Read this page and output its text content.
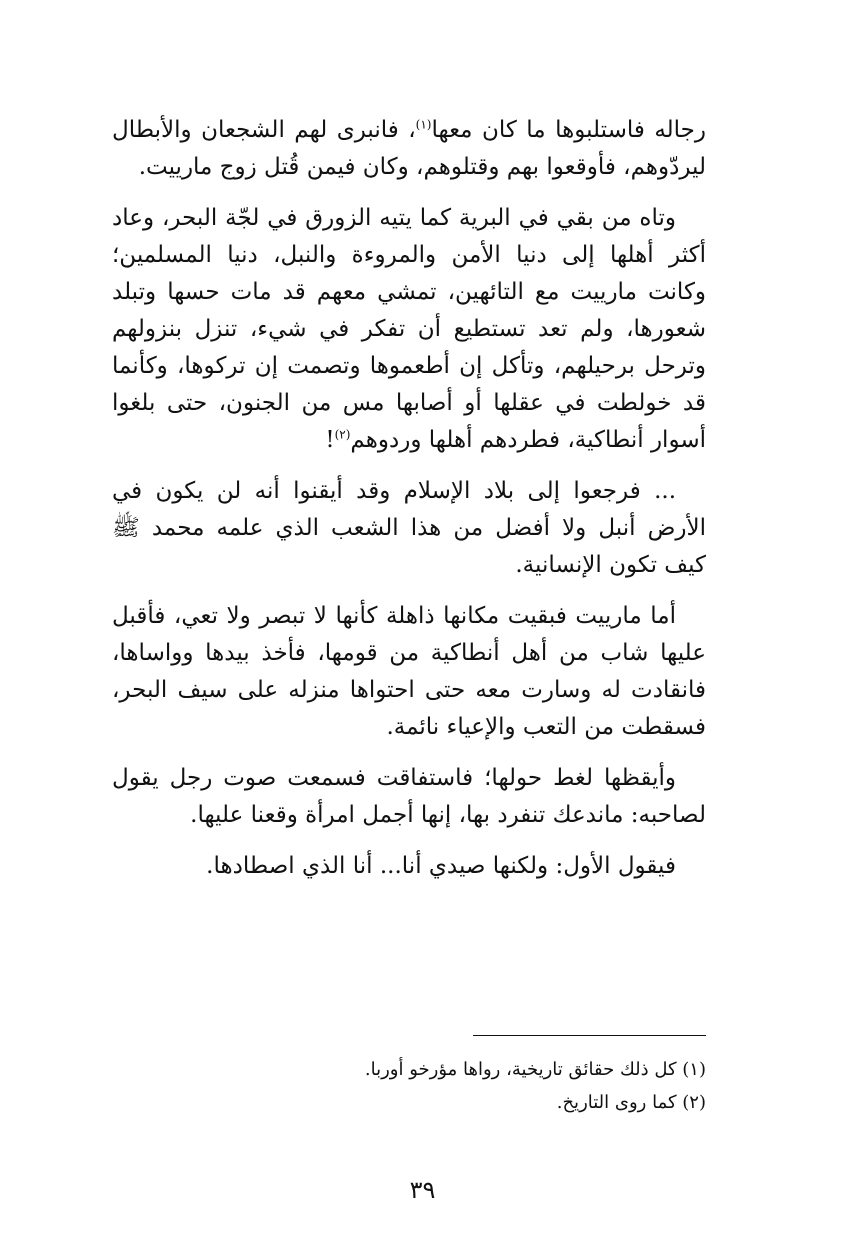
رجاله فاستلبوها ما كان معها$^{(١)}$، فانبرى لهم الشجعان والأبطال ليردّوهم، فأوقعوا بهم وقتلوهم، وكان فيمن قُتل زوج مارييت.

وتاه من بقي في البرية كما يتيه الزورق في لجّة البحر، وعاد أكثر أهلها إلى دنيا الأمن والمروءة والنبل، دنيا المسلمين؛ وكانت مارييت مع التائهين، تمشي معهم قد مات حسها وتبلد شعورها، ولم تعد تستطيع أن تفكر في شيء، تنزل بنزولهم وترحل برحيلهم، وتأكل إن أطعموها وتصمت إن تركوها، وكأنما قد خولطت في عقلها أو أصابها مس من الجنون، حتى بلغوا أسوار أنطاكية، فطردهم أهلها وردوهم$^{(٢)}$!

... فرجعوا إلى بلاد الإسلام وقد أيقنوا أنه لن يكون في الأرض أنبل ولا أفضل من هذا الشعب الذي علمه محمد ﷺ كيف تكون الإنسانية.

أما مارييت فبقيت مكانها ذاهلة كأنها لا تبصر ولا تعي، فأقبل عليها شاب من أهل أنطاكية من قومها، فأخذ بيدها وواساها، فانقادت له وسارت معه حتى احتواها منزله على سيف البحر، فسقطت من التعب والإعياء نائمة.

وأيقظها لغط حولها؛ فاستفاقت فسمعت صوت رجل يقول لصاحبه: ماندعك تنفرد بها، إنها أجمل امرأة وقعنا عليها.

فيقول الأول: ولكنها صيدي أنا... أنا الذي اصطادها.

(١) كل ذلك حقائق تاريخية، رواها مؤرخو أوربا.

(٢) كما روى التاريخ.

٣٩
